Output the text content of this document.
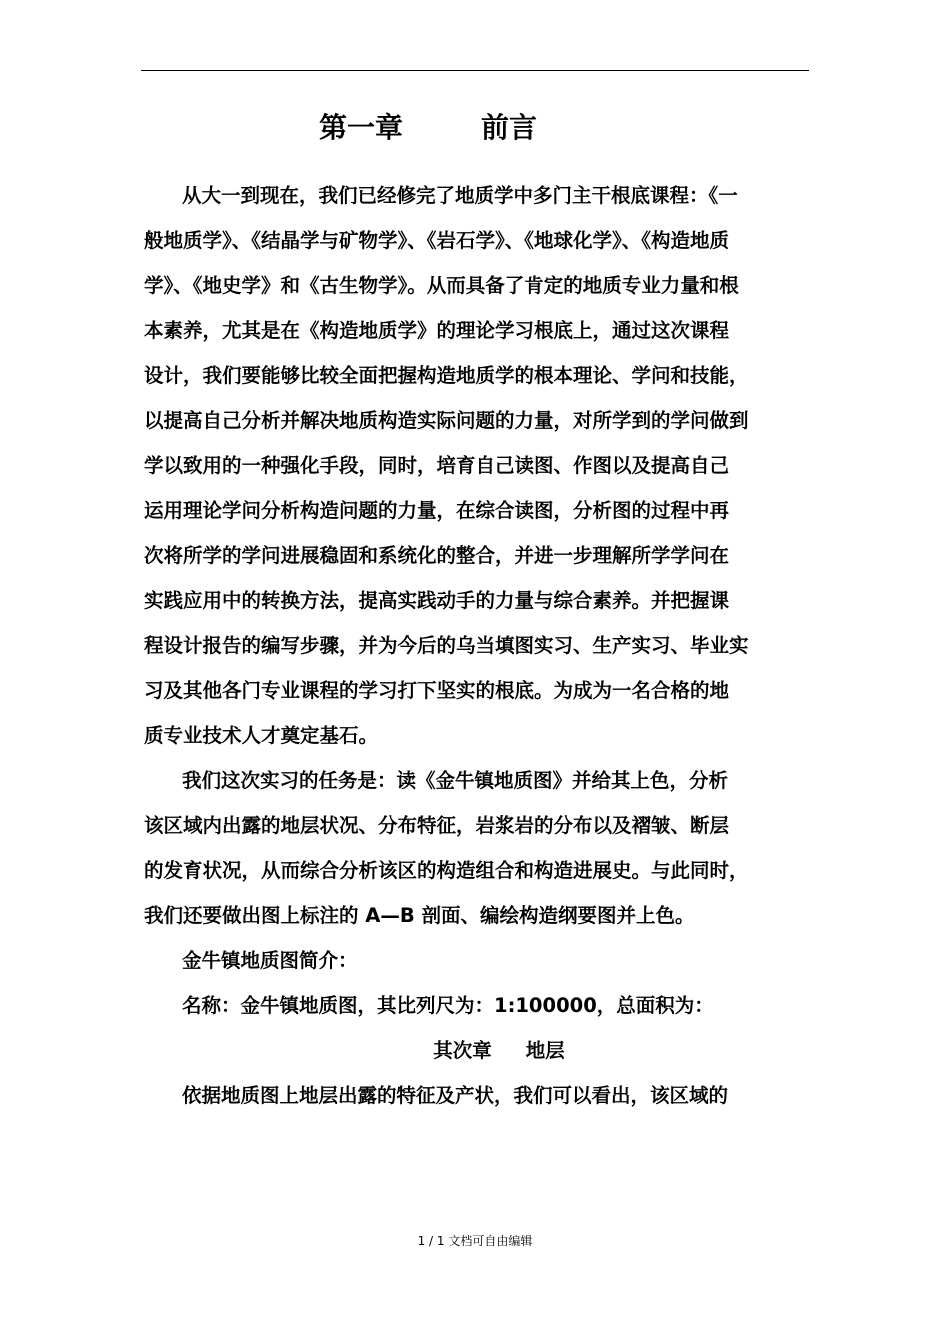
第一章        前言
从大一到现在，我们已经修完了地质学中多门主干根底课程：《一
般地质学》、《结晶学与矿物学》、《岩石学》、《地球化学》、《构造地质
学》、《地史学》和《古生物学》。从而具备了肯定的地质专业力量和根
本素养，尤其是在《构造地质学》的理论学习根底上，通过这次课程
设计，我们要能够比较全面把握构造地质学的根本理论、学问和技能，
以提高自己分析并解决地质构造实际问题的力量，对所学到的学问做到
学以致用的一种强化手段，同时，培育自己读图、作图以及提高自己
运用理论学问分析构造问题的力量，在综合读图，分析图的过程中再
次将所学的学问进展稳固和系统化的整合，并进一步理解所学学问在
实践应用中的转换方法，提高实践动手的力量与综合素养。并把握课
程设计报告的编写步骤，并为今后的乌当填图实习、生产实习、毕业实
习及其他各门专业课程的学习打下坚实的根底。为成为一名合格的地
质专业技术人才奠定基石。
我们这次实习的任务是：读《金牛镇地质图》并给其上色，分析
该区域内出露的地层状况、分布特征，岩浆岩的分布以及褶皱、断层
的发育状况，从而综合分析该区的构造组合和构造进展史。与此同时，
我们还要做出图上标注的 A—B 剖面、编绘构造纲要图并上色。
金牛镇地质图简介：
名称：金牛镇地质图，其比列尺为：1:100000，总面积为：
其次章     地层
依据地质图上地层出露的特征及产状，我们可以看出，该区域的
1 / 1 文档可自由编辑
